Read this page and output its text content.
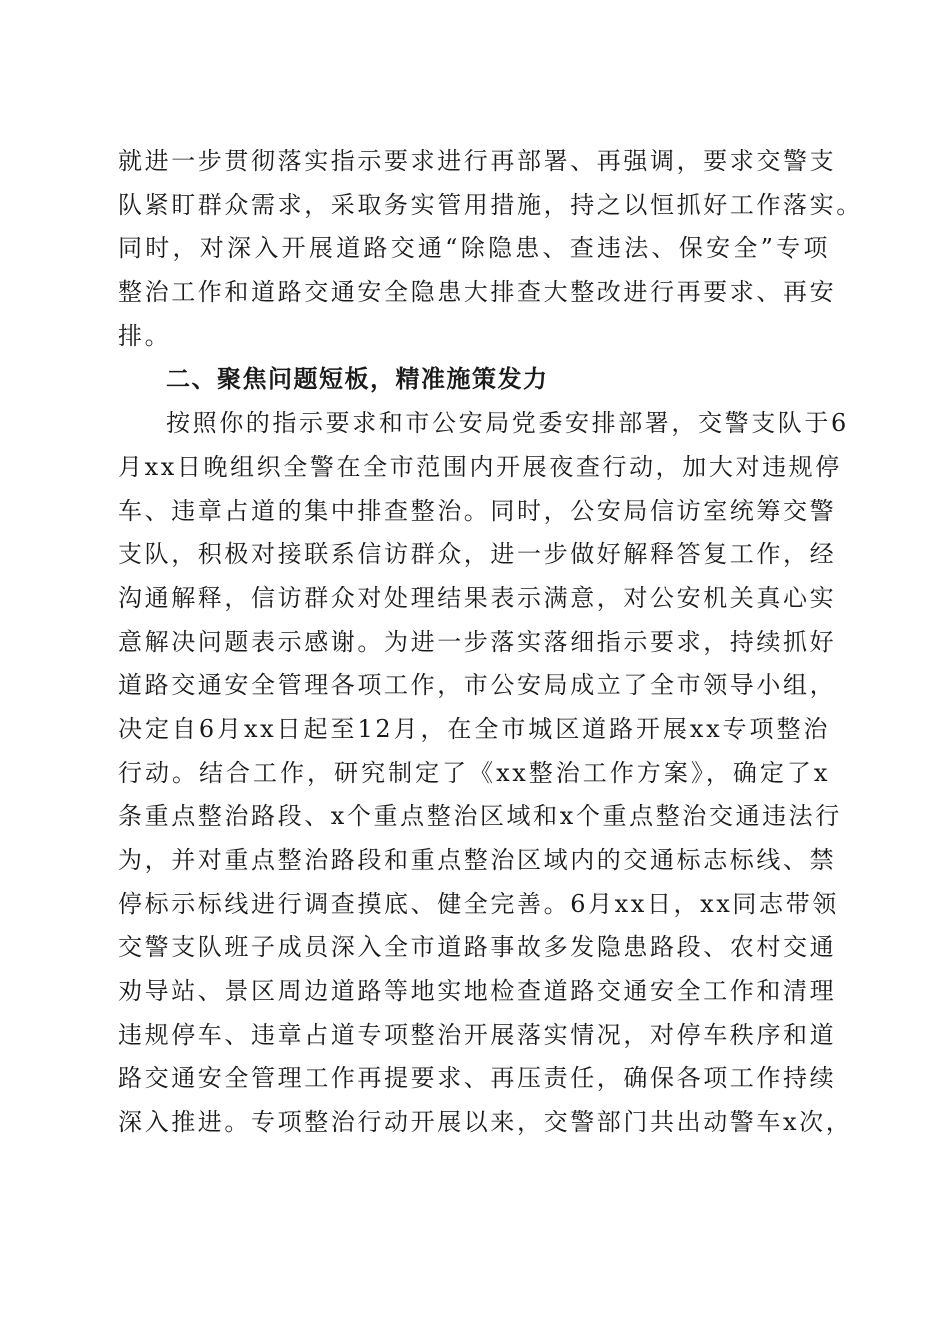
就进一步贯彻落实指示要求进行再部署、再强调，要求交警支
队紧盯群众需求，采取务实管用措施，持之以恒抓好工作落实。
同时，对深入开展道路交通“除隐患、查违法、保安全”专项
整治工作和道路交通安全隐患大排查大整改进行再要求、再安
排。
二、聚焦问题短板，精准施策发力
按照你的指示要求和市公安局党委安排部署，交警支队于6
月xx日晚组织全警在全市范围内开展夜查行动，加大对违规停
车、违章占道的集中排查整治。同时，公安局信访室统筹交警
支队，积极对接联系信访群众，进一步做好解释答复工作，经
沟通解释，信访群众对处理结果表示满意，对公安机关真心实
意解决问题表示感谢。为进一步落实落细指示要求，持续抓好
道路交通安全管理各项工作，市公安局成立了全市领导小组，
决定自6月xx日起至12月，在全市城区道路开展xx专项整治
行动。结合工作，研究制定了《xx整治工作方案》，确定了x
条重点整治路段、x个重点整治区域和x个重点整治交通违法行
为，并对重点整治路段和重点整治区域内的交通标志标线、禁
停标示标线进行调查摸底、健全完善。6月xx日，xx同志带领
交警支队班子成员深入全市道路事故多发隐患路段、农村交通
劝导站、景区周边道路等地实地检查道路交通安全工作和清理
违规停车、违章占道专项整治开展落实情况，对停车秩序和道
路交通安全管理工作再提要求、再压责任，确保各项工作持续
深入推进。专项整治行动开展以来，交警部门共出动警车x次，
